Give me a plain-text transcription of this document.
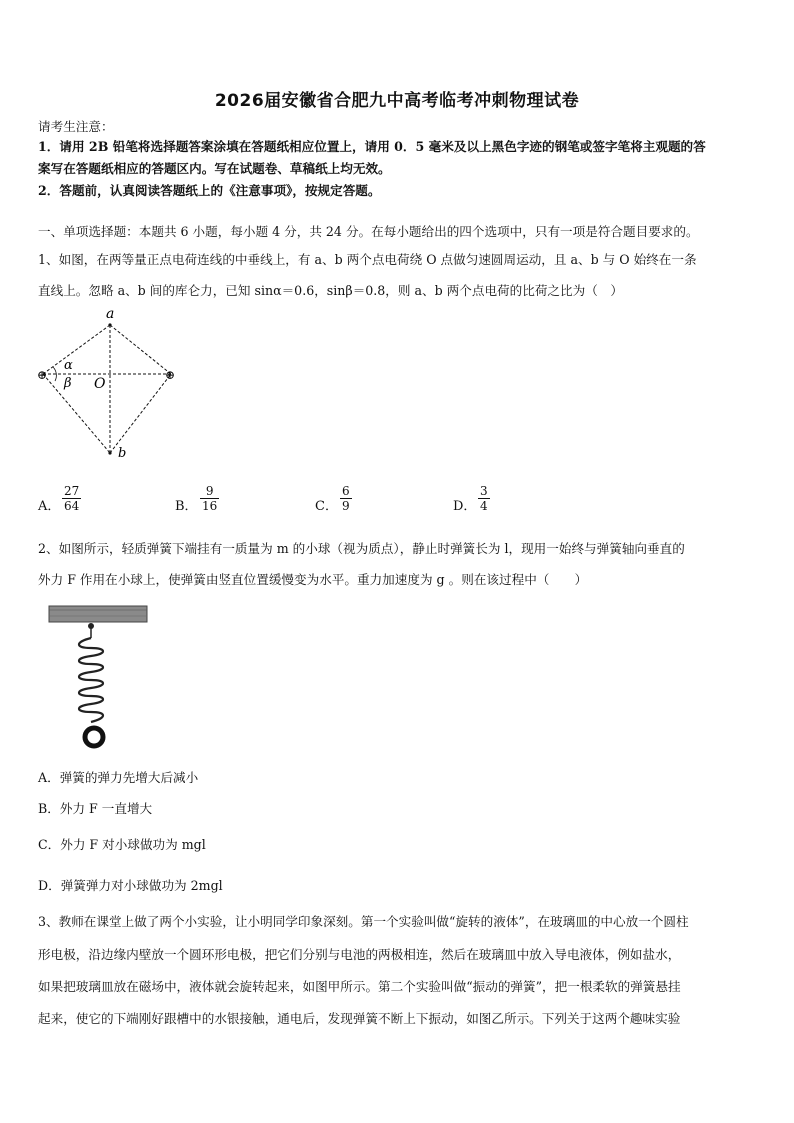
2026届安徽省合肥九中高考临考冲刺物理试卷
请考生注意：
1．请用 2B 铅笔将选择题答案涂填在答题纸相应位置上，请用 0．5 毫米及以上黑色字迹的钢笔或签字笔将主观题的答
案写在答题纸相应的答题区内。写在试题卷、草稿纸上均无效。
2．答题前，认真阅读答题纸上的《注意事项》，按规定答题。
一、单项选择题：本题共 6 小题，每小题 4 分，共 24 分。在每小题给出的四个选项中，只有一项是符合题目要求的。
1、如图，在两等量正点电荷连线的中垂线上，有 a、b 两个点电荷绕 O 点做匀速圆周运动，且 a、b 与 O 始终在一条
直线上。忽略 a、b 间的库仑力，已知 sinα＝0.6，sinβ＝0.8，则 a、b 两个点电荷的比荷之比为（　）
⊕	⊕
a
b
O
α
β
A．
27
64	B．
9
16	C．
6
9	D．
3
4
2、如图所示，轻质弹簧下端挂有一质量为 m 的小球（视为质点），静止时弹簧长为 l，现用一始终与弹簧轴向垂直的
外力 F 作用在小球上，使弹簧由竖直位置缓慢变为水平。重力加速度为 g 。则在该过程中（　　）
A．弹簧的弹力先增大后减小
B．外力 F 一直增大
C．外力 F 对小球做功为 mgl
D．弹簧弹力对小球做功为 2mgl
3、教师在课堂上做了两个小实验，让小明同学印象深刻。第一个实验叫做“旋转的液体”，在玻璃皿的中心放一个圆柱
形电极，沿边缘内壁放一个圆环形电极，把它们分别与电池的两极相连，然后在玻璃皿中放入导电液体，例如盐水，
如果把玻璃皿放在磁场中，液体就会旋转起来，如图甲所示。第二个实验叫做“振动的弹簧”，把一根柔软的弹簧悬挂
起来，使它的下端刚好跟槽中的水银接触，通电后，发现弹簧不断上下振动，如图乙所示。下列关于这两个趣味实验
